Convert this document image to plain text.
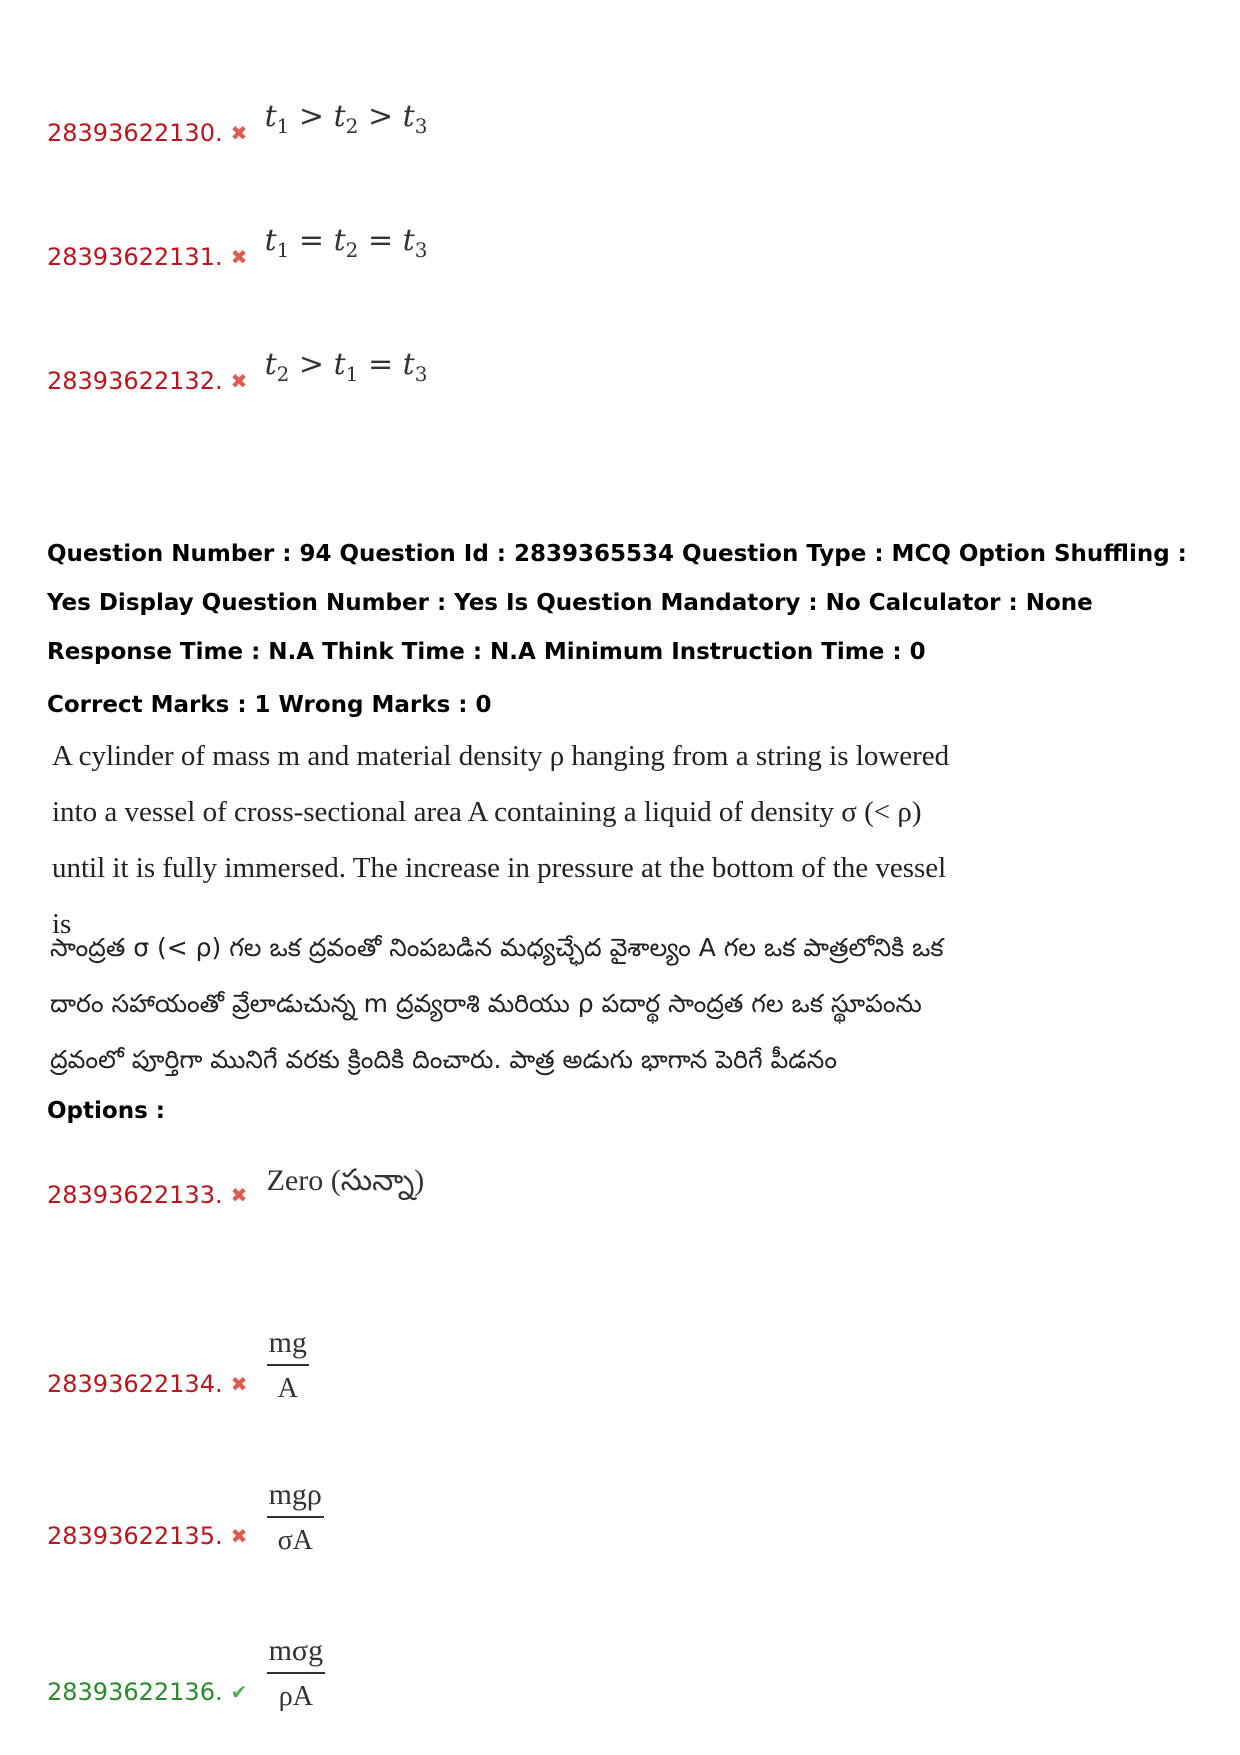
28393622130. ✖ $t_1 > t_2 > t_3$
28393622131. ✖ $t_1 = t_2 = t_3$
28393622132. ✖ $t_2 > t_1 = t_3$
Question Number : 94 Question Id : 2839365534 Question Type : MCQ Option Shuffling : Yes Display Question Number : Yes Is Question Mandatory : No Calculator : None Response Time : N.A Think Time : N.A Minimum Instruction Time : 0
Correct Marks : 1 Wrong Marks : 0
A cylinder of mass m and material density ρ hanging from a string is lowered into a vessel of cross-sectional area A containing a liquid of density σ (< ρ) until it is fully immersed. The increase in pressure at the bottom of the vessel is
సాంద్రత σ (< ρ) గల ఒక ద్రవంతో నింపబడిన మధ్యచ్ఛేద వైశాల్యం A గల ఒక పాత్రలోనికి ఒక దారం సహాయంతో వ్రేలాడుచున్న m ద్రవ్యరాశి మరియు ρ పదార్థ సాంద్రత గల ఒక స్థూపంను ద్రవంలో పూర్తిగా మునిగే వరకు క్రిందికి దించారు. పాత్ర అడుగు భాగాన పెరిగే పీడనం
Options :
28393622133. ✖ Zero (సున్నా)
28393622134. ✖ $\frac{mg}{A}$
28393622135. ✖ $\frac{\text{mgρ}}{\sigma A}$
28393622136. ✔ $\frac{\text{mσg}}{\rho A}$
